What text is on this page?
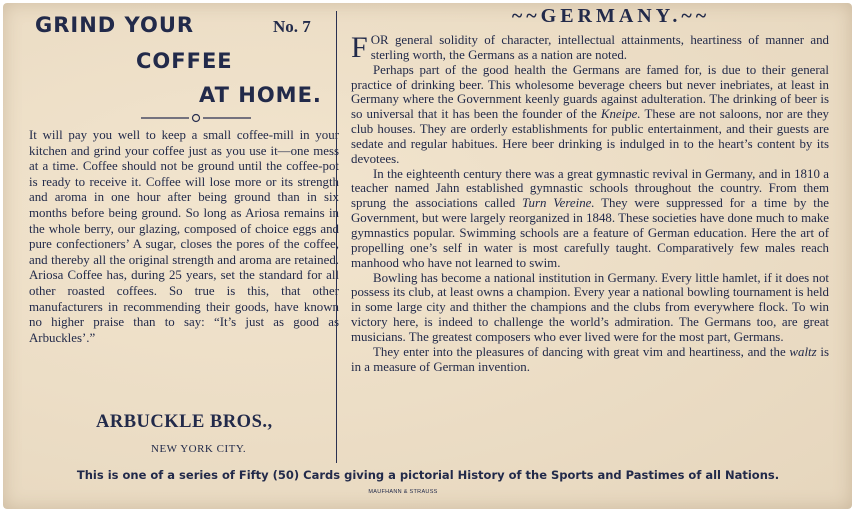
GRIND YOUR	No. 7
COFFEE
AT HOME.
It will pay you well to keep a small coffee-mill in your kitchen and grind your coffee just as you use it—one mess at a time. Coffee should not be ground until the coffee-pot is ready to receive it. Coffee will lose more or its strength and aroma in one hour after being ground than in six months before being ground. So long as Ariosa remains in the whole berry, our glazing, composed of choice eggs and pure confectioners’ A sugar, closes the pores of the coffee, and thereby all the original strength and aroma are retained. Ariosa Coffee has, during 25 years, set the standard for all other roasted coffees. So true is this, that other manufacturers in recommending their goods, have known no higher praise than to say: “It’s just as good as Arbuckles’.”
ARBUCKLE BROS.,
NEW YORK CITY.
~~GERMANY.~~

FOR general solidity of character, intellectual attainments, heartiness of manner and sterling worth, the Germans as a nation are noted.

Perhaps part of the good health the Germans are famed for, is due to their general practice of drinking beer. This wholesome beverage cheers but never inebriates, at least in Germany where the Government keenly guards against adulteration. The drinking of beer is so universal that it has been the founder of the Kneipe. These are not saloons, nor are they club houses. They are orderly establishments for public entertainment, and their guests are sedate and regular habitues. Here beer drinking is indulged in to the heart’s content by its devotees.

In the eighteenth century there was a great gymnastic revival in Germany, and in 1810 a teacher named Jahn established gymnastic schools throughout the country. From them sprung the associations called Turn Vereine. They were suppressed for a time by the Government, but were largely reorganized in 1848. These societies have done much to make gymnastics popular. Swimming schools are a feature of German education. Here the art of propelling one’s self in water is most carefully taught. Comparatively few males reach manhood who have not learned to swim.

Bowling has become a national institution in Germany. Every little hamlet, if it does not possess its club, at least owns a champion. Every year a national bowling tournament is held in some large city and thither the champions and the clubs from everywhere flock. To win victory here, is indeed to challenge the world’s admiration. The Germans too, are great musicians. The greatest composers who ever lived were for the most part, Germans.

They enter into the pleasures of dancing with great vim and heartiness, and the waltz is in a measure of German invention.

This is one of a series of Fifty (50) Cards giving a pictorial History of the Sports and Pastimes of all Nations.
MAUFHANN & STRAUSS
